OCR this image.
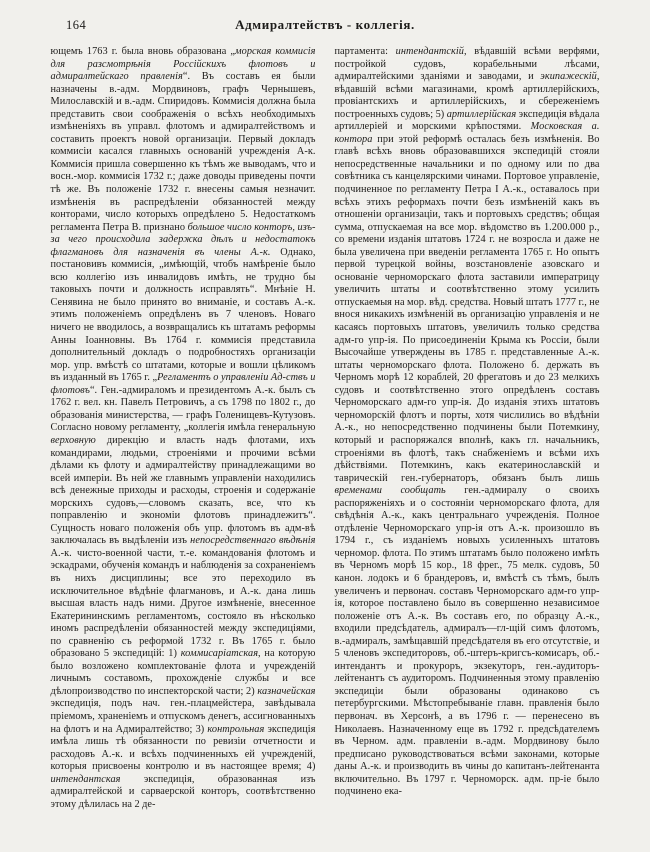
164	Адмиралтействъ - коллегія.
ющемъ 1763 г. была вновь образована „морская коммисія для разсмотрѣнія Россійскихъ флотовъ и адмиралтейскаго правленія“. Въ составъ ея были назначены в.-адм. Мордвиновъ, графъ Чернышевъ, Милославскій и в.-адм. Спиридовъ. Коммисія должна была представить свои соображенія о всѣхъ необходимыхъ измѣненіяхъ въ управл. флотомъ и адмиралтействомъ и составить проектъ новой организаціи. Первый докладъ коммисіи касался главныхъ основаній учрежденія А-к. Коммисія пришла совершенно къ тѣмъ же выводамъ, что и восн.-мор. коммисія 1732 г.; даже доводы приведены почти тѣ же. Въ положеніе 1732 г. внесены самыя незначит. измѣненія въ распредѣленіи обязанностей между конторами, число которыхъ опредѣлено 5. Недостаткомъ регламента Петра В. признано большое число конторъ, изъ-за чего происходила задержка дѣлъ и недостатокъ флагмановъ для назначенія въ члены А.-к. Однако, постановивъ коммисія, „имѣющій, чтобъ намѣреніе было всю коллегію изъ инвалидовъ имѣть, не трудно бы таковыхъ почти и должность исправлять“. Мнѣніе Н. Сенявина не было принято во вниманіе, и составъ А.-к. этимъ положеніемъ опредѣленъ въ 7 членовъ. Новаго ничего не вводилось, а возвращались къ штатамъ реформы Анны Іоанновны. Въ 1764 г. коммисія представила дополнительный докладъ о подробностяхъ организаціи мор. упр. вмѣстѣ со штатами, которые и вошли цѣликомъ въ изданный въ 1765 г. „Регламентъ о управленіи Ад-ствъ и флотовъ“. Ген.-адмираломъ и президентомъ А.-к. былъ съ 1762 г. вел. кн. Павелъ Петровичъ, а съ 1798 по 1802 г., до образованія министерства, — графъ Голенищевъ-Кутузовъ. Согласно новому регламенту, „коллегія имѣла генеральную верховную дирекцію и власть надъ флотами, ихъ командирами, людьми, строеніями и прочими всѣми дѣлами къ флоту и адмиралтейству принадлежащими во всей имперіи. Въ ней же главнымъ управленіи находились всѣ денежные приходы и расходы, строенія и содержаніе морскихъ судовъ,—словомъ сказать, все, что къ поправленію и экономіи флотовъ принадлежитъ“. Сущность новаго положенія объ упр. флотомъ въ адм-вѣ заключалась въ выдѣленіи изъ непосредственнаго вѣдѣнія А.-к. чисто-военной части, т.-е. командованія флотомъ и эскадрами, обученія командъ и наблюденія за сохраненіемъ въ нихъ дисциплины; все это переходило въ исключительное вѣдѣніе флагмановъ, и А.-к. дана лишь высшая власть надъ ними. Другое измѣненіе, внесенное Екатерининскимъ регламентомъ, состояло въ нѣсколько иномъ распредѣленіи обязанностей между экспедиціями, по сравненію съ реформой 1732 г. Въ 1765 г. было образовано 5 экспедицій: 1) коммисаріатская, на которую было возложено комплектованіе флота и учрежденій личнымъ составомъ, прохожденіе службы и все дѣлопроизводство по инспекторской части; 2) казначейская экспедиція, подъ нач. ген.-плацмейстера, завѣдывала пріемомъ, храненіемъ и отпускомъ денегъ, ассигнованныхъ на флотъ и на Адмиралтейство; 3) контрольная экспедиція имѣла лишь тѣ обязанности по ревизіи отчетности и расходовъ А.-к. и всѣхъ подчиненныхъ ей учрежденій, которыя присвоены контролю и въ настоящее время; 4) интендантская экспедиція, образованная изъ адмиралтейской и сарваерской конторъ, соотвѣтственно этому дѣлилась на 2 де-
партамента: интендантскій, вѣдавшій всѣми верфями, постройкой судовъ, корабельными лѣсами, адмиралтейскими зданіями и заводами, и экипажескій, вѣдавшій всѣми магазинами, кромѣ артиллерійскихъ, провіантскихъ и артиллерійскихъ, и сбереженіемъ построенныхъ судовъ; 5) артиллерійская экспедиція вѣдала артиллеріей и морскими крѣпостями. Московская а. контора при этой реформѣ осталась безъ измѣненія. Во главѣ всѣхъ вновь образовавшихся экспедицій стояли непосредственные начальники и по одному или по два совѣтника съ канцелярскими чинами. Портовое управленіе, подчиненное по регламенту Петра I А.-к., оставалось при всѣхъ этихъ реформахъ почти безъ измѣненій какъ въ отношеніи организаціи, такъ и портовыхъ средствъ; общая сумма, отпускаемая на все мор. вѣдомство въ 1.200.000 р., со времени изданія штатовъ 1724 г. не возросла и даже не была увеличена при введеніи регламента 1765 г. Но опытъ первой турецкой войны, возстановленіе азовскаго и основаніе черноморскаго флота заставили императрицу увеличить штаты и соотвѣтственно этому усилить отпускаемыя на мор. вѣд. средства. Новый штатъ 1777 г., не внося никакихъ измѣненій въ организацію управленія и не касаясь портовыхъ штатовъ, увеличилъ только средства адм-го упр-ія. По присоединеніи Крыма къ Россіи, были Высочайше утверждены въ 1785 г. представленные А.-к. штаты черноморскаго флота. Положено б. держать въ Черномъ морѣ 12 кораблей, 20 фрегатовъ и до 23 мелкихъ судовъ и соотвѣтственно этого опредѣленъ составъ Черноморскаго адм-го упр-ія. До изданія этихъ штатовъ черноморскій флотъ и порты, хотя числились во вѣдѣніи А.-к., но непосредственно подчинены были Потемкину, который и распоряжался вполнѣ, какъ гл. начальникъ, строеніями въ флотѣ, такъ снабженіемъ и всѣми ихъ дѣйствіями. Потемкинъ, какъ екатеринославскій и таврическій ген.-губернаторъ, обязанъ былъ лишь временами сообщать ген.-адмиралу о своихъ распоряженіяхъ и о состояніи черноморскаго флота, для свѣдѣнія А.-к., какъ центральнаго учрежденія. Полное отдѣленіе Черноморскаго упр-ія отъ А.-к. произошло въ 1794 г., съ изданіемъ новыхъ усиленныхъ штатовъ черномор. флота. По этимъ штатамъ было положено имѣть въ Черномъ морѣ 15 кор., 18 фрег., 75 мелк. судовъ, 50 канон. лодокъ и 6 брандеровъ, и, вмѣстѣ съ тѣмъ, былъ увеличенъ и первонач. составъ Черноморскаго адм-го упр-ія, которое поставлено было въ совершенно независимое положеніе отъ А.-к. Въ составъ его, по образцу А.-к., входили предсѣдатель, адмиралъ—гл-щій симъ флотомъ, в.-адмиралъ, замѣщавшій предсѣдателя въ его отсутствіе, и 5 членовъ экспедиторовъ, об.-штеръ-кригсъ-комисаръ, об.-интендантъ и прокуроръ, экзекуторъ, ген.-аудиторъ-лейтенантъ съ аудиторомъ. Подчиненныя этому правленію экспедиціи были образованы одинаково съ петербургскими. Мѣстопребываніе главн. правленія было первонач. въ Херсонѣ, а въ 1796 г. — перенесено въ Николаевъ. Назначенному еще въ 1792 г. предсѣдателемъ въ Черном. адм. правленіи в.-адм. Мордвинову было предписано руководствоваться всѣми законами, которые даны А.-к. и производить въ чины до капитанъ-лейтенанта включительно. Въ 1797 г. Черноморск. адм. пр-іе было подчинено ека-
